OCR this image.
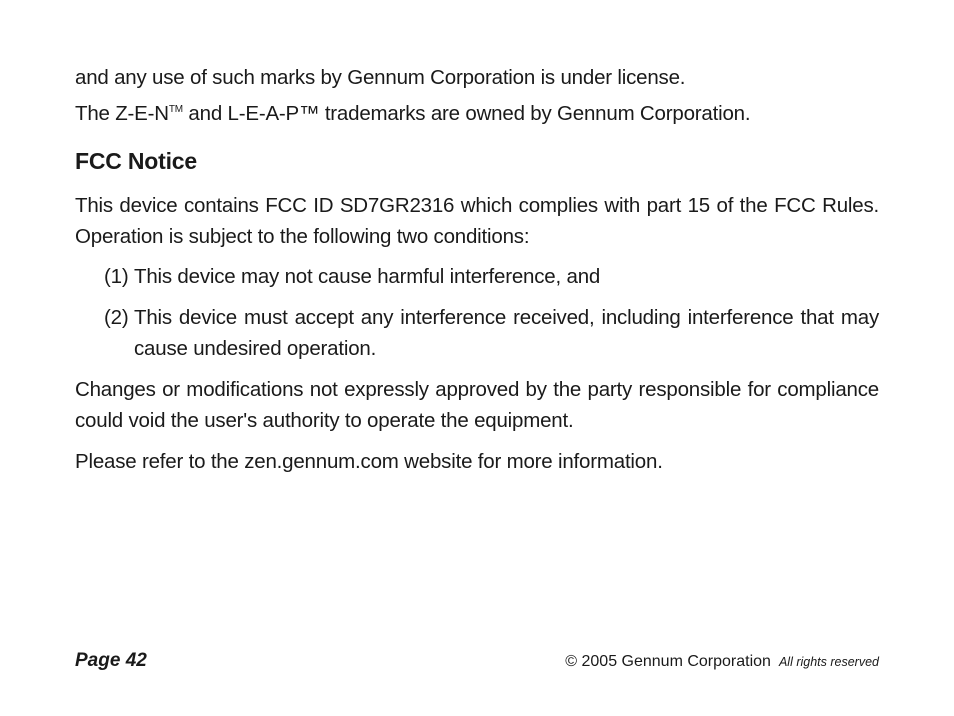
and any use of such marks by Gennum Corporation is under license.

The Z-E-N™ and L-E-A-P™ trademarks are owned by Gennum Corporation.

FCC Notice

This device contains FCC ID SD7GR2316 which complies with part 15 of the FCC Rules. Operation is subject to the following two conditions:

(1) This device may not cause harmful interference, and
(2) This device must accept any interference received, including interference that may cause undesired operation.

Changes or modifications not expressly approved by the party responsible for compliance could void the user's authority to operate the equipment.

Please refer to the zen.gennum.com website for more information.

Page 42	© 2005 Gennum Corporation All rights reserved
